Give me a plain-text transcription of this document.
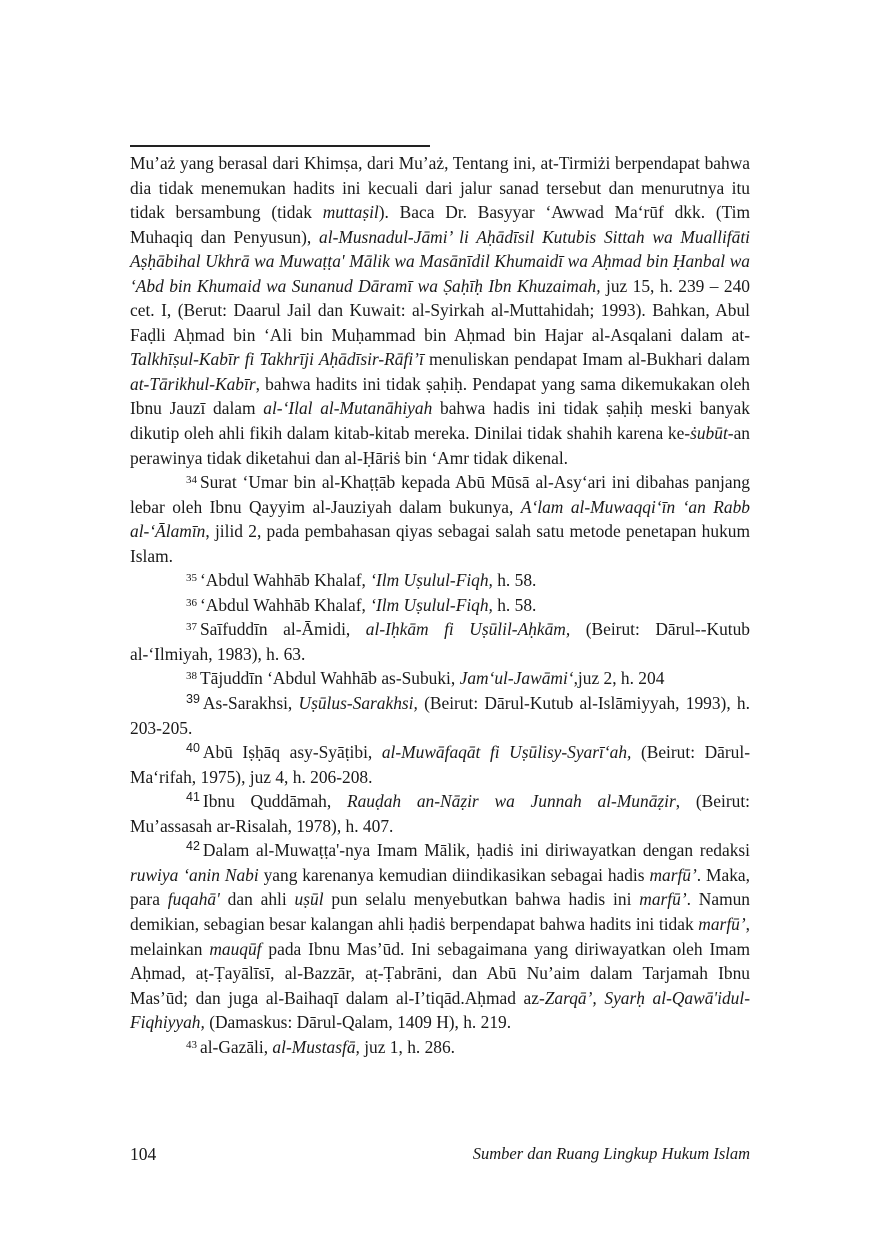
Mu’aż yang berasal dari Khimṣa, dari Mu’aż, Tentang ini, at-Tirmiżi berpendapat bahwa dia tidak menemukan hadits ini kecuali dari jalur sanad tersebut dan menurutnya itu tidak bersambung (tidak muttaṣil). Baca Dr. Basyyar ‘Awwad Ma‘rūf dkk. (Tim Muhaqiq dan Penyusun), al-Musnadul-Jāmi’ li Aḥādīsil Kutubis Sittah wa Muallifāti Aṣḥābihal Ukhrā wa Muwaṭṭa' Mālik wa Masānīdil Khumaidī wa Aḥmad bin Ḥanbal wa ‘Abd bin Khumaid wa Sunanud Dāramī wa Ṣaḥīḥ Ibn Khuzaimah, juz 15, h. 239 – 240 cet. I, (Berut: Daarul Jail dan Kuwait: al-Syirkah al-Muttahidah; 1993). Bahkan, Abul Faḍli Aḥmad bin ‘Ali bin Muḥammad bin Aḥmad bin Hajar al-Asqalani dalam at-Talkhīṣul-Kabīr fi Takhrīji Aḥādīsir-Rāfi’ī menuliskan pendapat Imam al-Bukhari dalam at-Tārikhul-Kabīr, bahwa hadits ini tidak ṣaḥiḥ. Pendapat yang sama dikemukakan oleh Ibnu Jauzī dalam al-‘Ilal al-Mutanāhiyah bahwa hadis ini tidak ṣaḥiḥ meski banyak dikutip oleh ahli fikih dalam kitab-kitab mereka. Dinilai tidak shahih karena ke-ṡubūt-an perawinya tidak diketahui dan al-Ḥāriṡ bin ‘Amr tidak dikenal.

$^{34}$ Surat ‘Umar bin al-Khaṭṭāb kepada Abū Mūsā al-Asy‘ari ini dibahas panjang lebar oleh Ibnu Qayyim al-Jauziyah dalam bukunya, A‘lam al-Muwaqqi‘īn ‘an Rabb al-‘Ālamīn, jilid 2, pada pembahasan qiyas sebagai salah satu metode penetapan hukum Islam.

$^{35}$ ‘Abdul Wahhāb Khalaf, ‘Ilm Uṣulul-Fiqh, h. 58.

$^{36}$ ‘Abdul Wahhāb Khalaf, ‘Ilm Uṣulul-Fiqh, h. 58.

$^{37}$ Saīfuddīn al-Āmidi, al-Iḥkām fi Uṣūlil-Aḥkām, (Beirut: Dārul--Kutub al-‘Ilmiyah, 1983), h. 63.

$^{38}$ Tājuddīn ‘Abdul Wahhāb as-Subuki, Jam‘ul-Jawāmi‘,juz 2, h. 204

$^{39}$ As-Sarakhsi, Uṣūlus-Sarakhsi, (Beirut: Dārul-Kutub al-Islāmiyyah, 1993), h. 203-205.

$^{40}$ Abū Iṣḥāq asy-Syāṭibi, al-Muwāfaqāt fi Uṣūlisy-Syarī‘ah, (Beirut: Dārul-Ma‘rifah, 1975), juz 4, h. 206-208.

$^{41}$ Ibnu Quddāmah, Rauḍah an-Nāẓir wa Junnah al-Munāẓir, (Beirut: Mu’assasah ar-Risalah, 1978), h. 407.

$^{42}$ Dalam al-Muwaṭṭa'-nya Imam Mālik, ḥadiṡ ini diriwayatkan dengan redaksi ruwiya ‘anin Nabi yang karenanya kemudian diindikasikan sebagai hadis marfū’. Maka, para fuqahā' dan ahli uṣūl pun selalu menyebutkan bahwa hadis ini marfū’. Namun demikian, sebagian besar kalangan ahli ḥadiṡ berpendapat bahwa hadits ini tidak marfū’, melainkan mauqūf pada Ibnu Mas’ūd. Ini sebagaimana yang diriwayatkan oleh Imam Aḥmad, aṭ-Ṭayālīsī, al-Bazzār, aṭ-Ṭabrāni, dan Abū Nu’aim dalam Tarjamah Ibnu Mas’ūd; dan juga al-Baihaqī dalam al-I’tiqād.Aḥmad az-Zarqā’, Syarḥ al-Qawā'idul-Fiqhiyyah, (Damaskus: Dārul-Qalam, 1409 H), h. 219.

$^{43}$ al-Gazāli, al-Mustasfā, juz 1, h. 286.

104	Sumber dan Ruang Lingkup Hukum Islam
